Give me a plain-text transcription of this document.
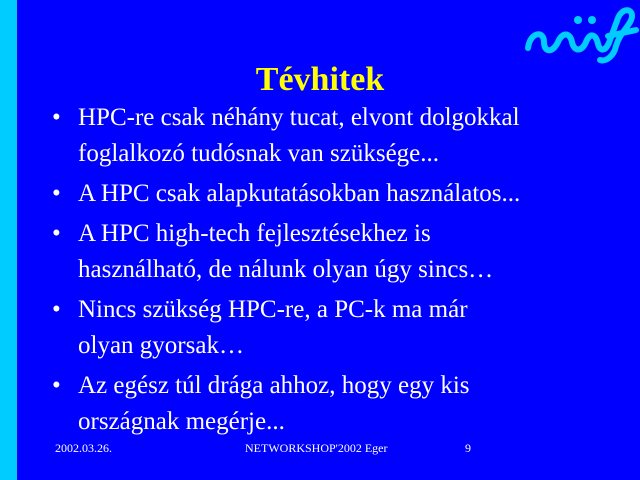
Tévhitek
• HPC-re csak néhány tucat, elvont dolgokkal
foglalkozó tudósnak van szüksége...
• A HPC csak alapkutatásokban használatos...
• A HPC high-tech fejlesztésekhez is
használható, de nálunk olyan úgy sincs…
• Nincs szükség HPC-re, a PC-k ma már
olyan gyorsak…
• Az egész túl drága ahhoz, hogy egy kis
országnak megérje...
2002.03.26.	NETWORKSHOP'2002 Eger	9
